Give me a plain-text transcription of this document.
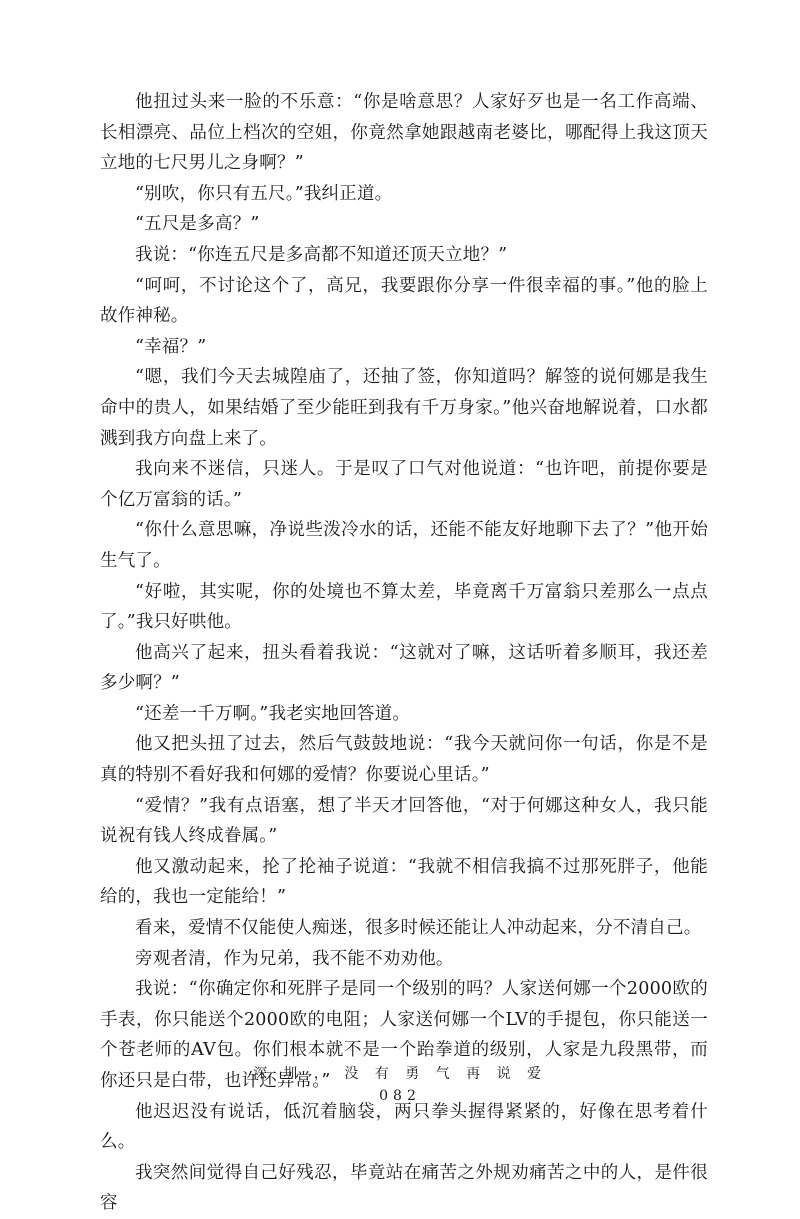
他扭过头来一脸的不乐意：“你是啥意思？人家好歹也是一名工作高端、长相漂亮、品位上档次的空姐，你竟然拿她跟越南老婆比，哪配得上我这顶天立地的七尺男儿之身啊？”

“别吹，你只有五尺。”我纠正道。

“五尺是多高？”

我说：“你连五尺是多高都不知道还顶天立地？”

“呵呵，不讨论这个了，高兄，我要跟你分享一件很幸福的事。”他的脸上故作神秘。

“幸福？”

“嗯，我们今天去城隍庙了，还抽了签，你知道吗？解签的说何娜是我生命中的贵人，如果结婚了至少能旺到我有千万身家。”他兴奋地解说着，口水都溅到我方向盘上来了。

我向来不迷信，只迷人。于是叹了口气对他说道：“也许吧，前提你要是个亿万富翁的话。”

“你什么意思嘛，净说些泼冷水的话，还能不能友好地聊下去了？”他开始生气了。

“好啦，其实呢，你的处境也不算太差，毕竟离千万富翁只差那么一点点了。”我只好哄他。

他高兴了起来，扭头看着我说：“这就对了嘛，这话听着多顺耳，我还差多少啊？”

“还差一千万啊。”我老实地回答道。

他又把头扭了过去，然后气鼓鼓地说：“我今天就问你一句话，你是不是真的特别不看好我和何娜的爱情？你要说心里话。”

“爱情？”我有点语塞，想了半天才回答他，“对于何娜这种女人，我只能说祝有钱人终成眷属。”

他又激动起来，抡了抡袖子说道：“我就不相信我搞不过那死胖子，他能给的，我也一定能给！”

看来，爱情不仅能使人痴迷，很多时候还能让人冲动起来，分不清自己。

旁观者清，作为兄弟，我不能不劝劝他。

我说：“你确定你和死胖子是同一个级别的吗？人家送何娜一个2000欧的手表，你只能送个2000欧的电阻；人家送何娜一个LV的手提包，你只能送一个苍老师的AV包。你们根本就不是一个跆拳道的级别，人家是九段黑带，而你还只是白带，也许还异常。”

他迟迟没有说话，低沉着脑袋，两只拳头握得紧紧的，好像在思考着什么。

我突然间觉得自己好残忍，毕竟站在痛苦之外规劝痛苦之中的人，是件很容

深 圳 ， 没 有 勇 气 再 说 爱
082
